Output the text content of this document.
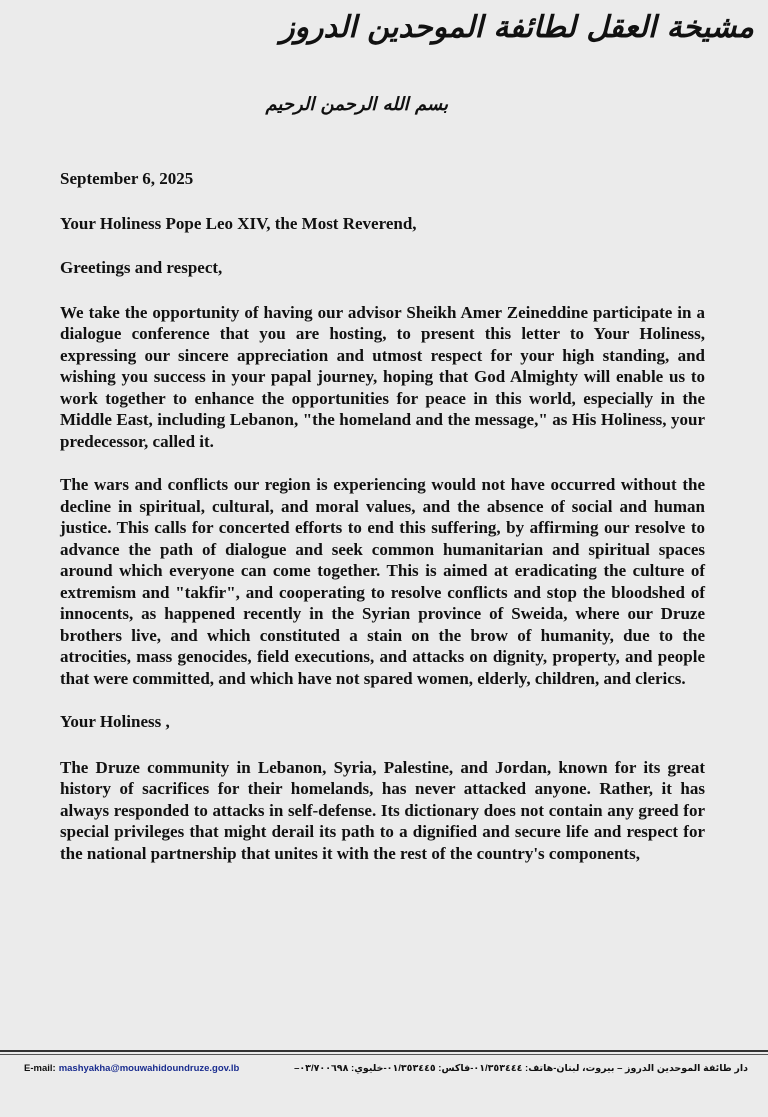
مشيخة العقل لطائفة الموحدين الدروز
بسم الله الرحمن الرحيم

September 6, 2025

Your Holiness Pope Leo XIV, the Most Reverend,

Greetings and respect,

We take the opportunity of having our advisor Sheikh Amer Zeineddine participate in a dialogue conference that you are hosting, to present this letter to Your Holiness, expressing our sincere appreciation and utmost respect for your high standing, and wishing you success in your papal journey, hoping that God Almighty will enable us to work together to enhance the opportunities for peace in this world, especially in the Middle East, including Lebanon, "the homeland and the message," as His Holiness, your predecessor, called it.

The wars and conflicts our region is experiencing would not have occurred without the decline in spiritual, cultural, and moral values, and the absence of social and human justice. This calls for concerted efforts to end this suffering, by affirming our resolve to advance the path of dialogue and seek common humanitarian and spiritual spaces around which everyone can come together. This is aimed at eradicating the culture of extremism and "takfir", and cooperating to resolve conflicts and stop the bloodshed of innocents, as happened recently in the Syrian province of Sweida, where our Druze brothers live, and which constituted a stain on the brow of humanity, due to the atrocities, mass genocides, field executions, and attacks on dignity, property, and people that were committed, and which have not spared women, elderly, children, and clerics.

Your Holiness ,

The Druze community in Lebanon, Syria, Palestine, and Jordan, known for its great history of sacrifices for their homelands, has never attacked anyone. Rather, it has always responded to attacks in self-defense. Its dictionary does not contain any greed for special privileges that might derail its path to a dignified and secure life and respect for the national partnership that unites it with the rest of the country's components,

E-mail: mashyakha@mouwahidoundruze.gov.lb	دار طائفة الموحدين الدروز – بيروت، لبنان-هاتف: ٠١/٣٥٣٤٤٤-فاكس: ٠١/٣٥٣٤٤٥-خليوي: ٠٣/٧٠٠٦٩٨–
